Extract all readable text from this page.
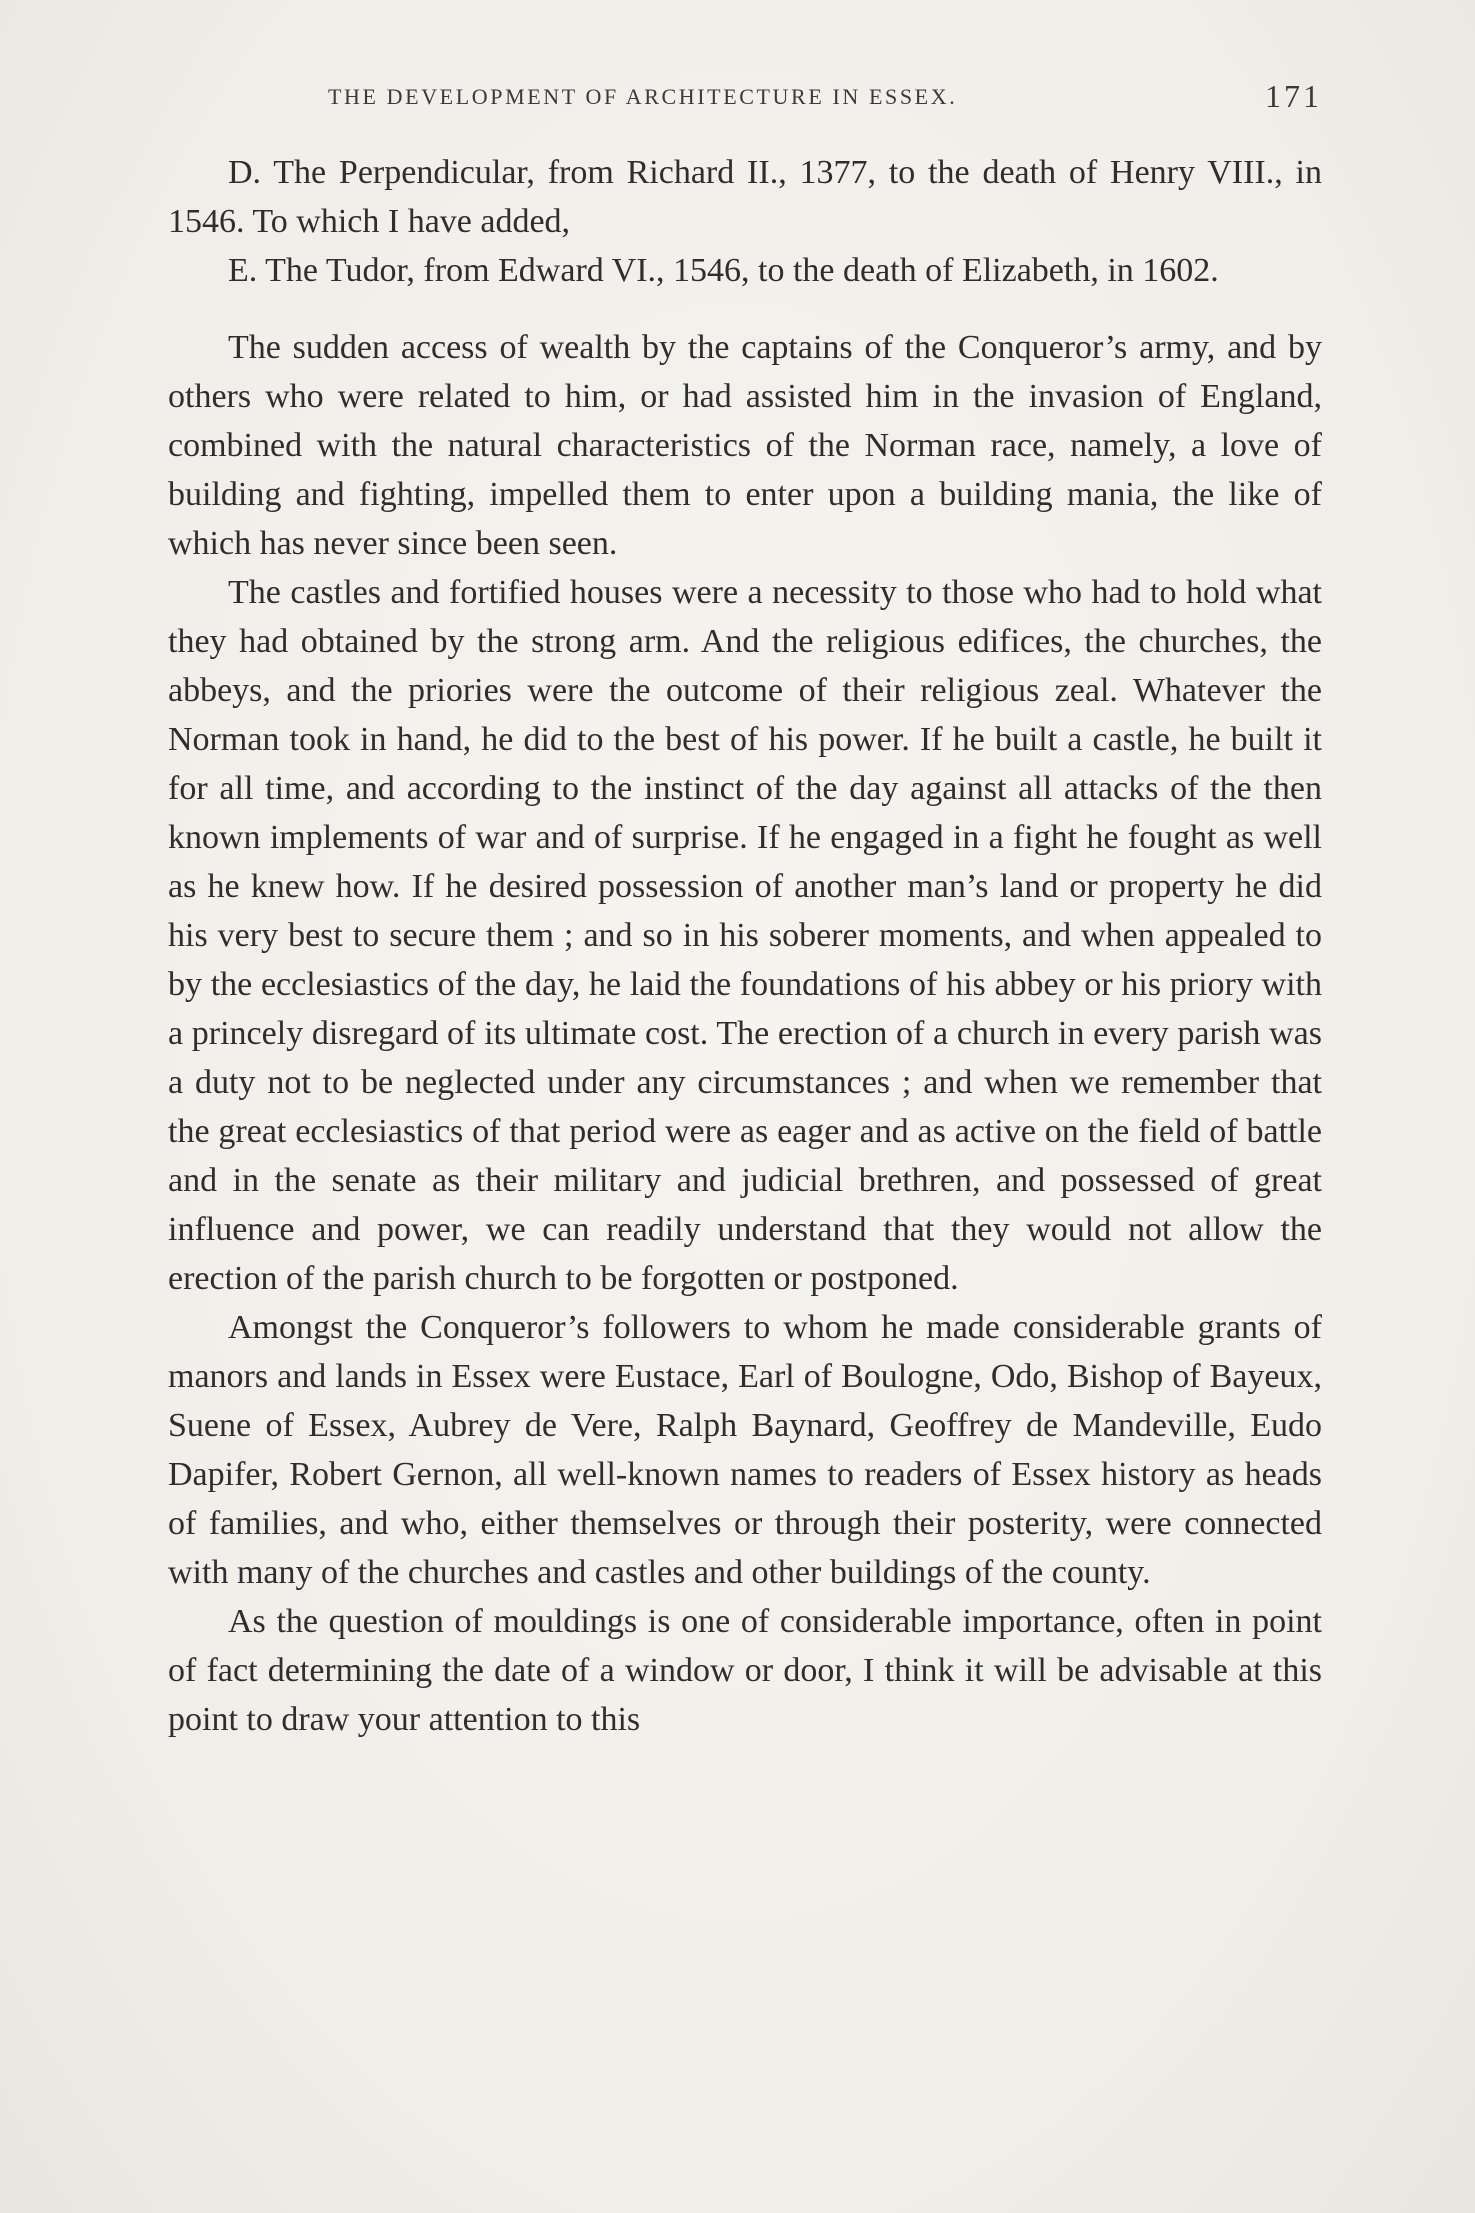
THE DEVELOPMENT OF ARCHITECTURE IN ESSEX.	171

D. The Perpendicular, from Richard II., 1377, to the death of Henry VIII., in 1546. To which I have added,

E. The Tudor, from Edward VI., 1546, to the death of Elizabeth, in 1602.

The sudden access of wealth by the captains of the Conqueror’s army, and by others who were related to him, or had assisted him in the invasion of England, combined with the natural characteristics of the Norman race, namely, a love of building and fighting, impelled them to enter upon a building mania, the like of which has never since been seen.

The castles and fortified houses were a necessity to those who had to hold what they had obtained by the strong arm. And the religious edifices, the churches, the abbeys, and the priories were the outcome of their religious zeal. Whatever the Norman took in hand, he did to the best of his power. If he built a castle, he built it for all time, and according to the instinct of the day against all attacks of the then known implements of war and of surprise. If he engaged in a fight he fought as well as he knew how. If he desired possession of another man’s land or property he did his very best to secure them ; and so in his soberer moments, and when appealed to by the ecclesiastics of the day, he laid the foundations of his abbey or his priory with a princely disregard of its ultimate cost. The erection of a church in every parish was a duty not to be neglected under any circumstances ; and when we remember that the great ecclesiastics of that period were as eager and as active on the field of battle and in the senate as their military and judicial brethren, and possessed of great influence and power, we can readily understand that they would not allow the erection of the parish church to be forgotten or postponed.

Amongst the Conqueror’s followers to whom he made considerable grants of manors and lands in Essex were Eustace, Earl of Boulogne, Odo, Bishop of Bayeux, Suene of Essex, Aubrey de Vere, Ralph Baynard, Geoffrey de Mandeville, Eudo Dapifer, Robert Gernon, all well-known names to readers of Essex history as heads of families, and who, either themselves or through their posterity, were connected with many of the churches and castles and other buildings of the county.

As the question of mouldings is one of considerable importance, often in point of fact determining the date of a window or door, I think it will be advisable at this point to draw your attention to this
